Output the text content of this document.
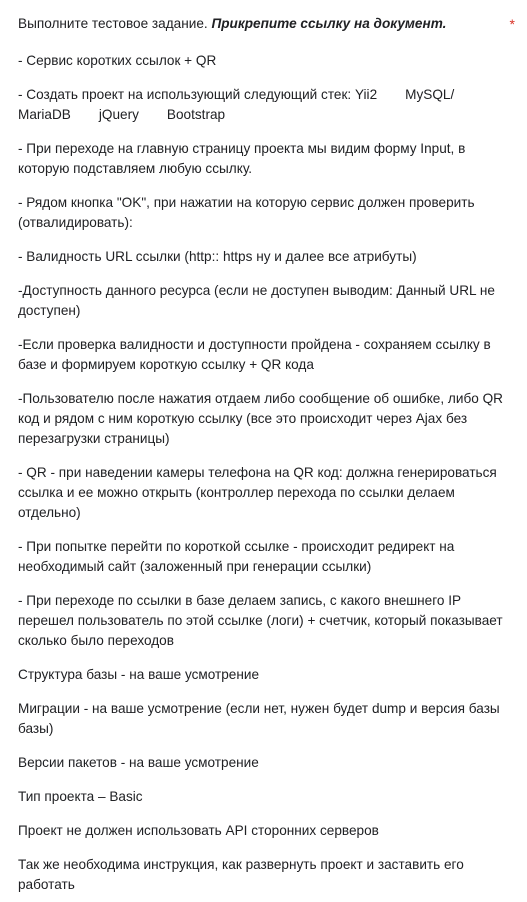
Выполните тестовое задание. Прикрепите ссылку на документ.	*

- Сервис коротких ссылок + QR

- Создать проект на использующий следующий стек: Yii2 MySQL/
MariaDB jQuery Bootstrap

- При переходе на главную страницу проекта мы видим форму Input, в которую подставляем любую ссылку.

- Рядом кнопка "OK", при нажатии на которую сервис должен проверить (отвалидировать):

- Валидность URL ссылки (http:: https ну и далее все атрибуты)

-Доступность данного ресурса (если не доступен выводим: Данный URL не доступен)

-Если проверка валидности и доступности пройдена - сохраняем ссылку в базе и формируем короткую ссылку + QR кода

-Пользователю после нажатия отдаем либо сообщение об ошибке, либо QR код и рядом с ним короткую ссылку (все это происходит через Ajax без перезагрузки страницы)

- QR - при наведении камеры телефона на QR код: должна генерироваться ссылка и ее можно открыть (контроллер перехода по ссылки делаем отдельно)

- При попытке перейти по короткой ссылке - происходит редирект на необходимый сайт (заложенный при генерации ссылки)

- При переходе по ссылки в базе делаем запись, с какого внешнего IP перешел пользователь по этой ссылке (логи) + счетчик, который показывает сколько было переходов

Структура базы - на ваше усмотрение

Миграции - на ваше усмотрение (если нет, нужен будет dump и версия базы базы)

Версии пакетов - на ваше усмотрение

Тип проекта – Basic

Проект не должен использовать API сторонних серверов

Так же необходима инструкция, как развернуть проект и заставить его работать
